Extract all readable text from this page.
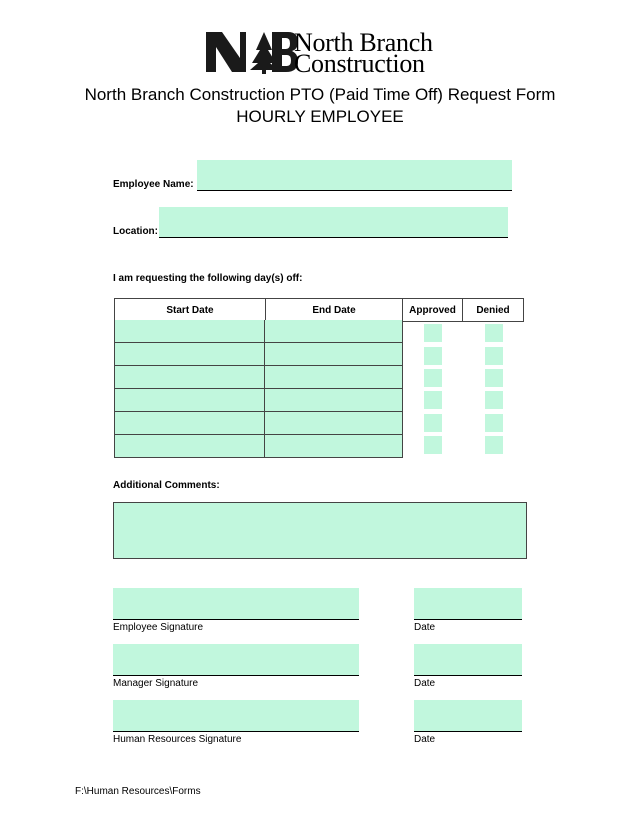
North Branch
Construction
North Branch Construction PTO (Paid Time Off) Request Form
HOURLY EMPLOYEE
Employee Name:
Location:
I am requesting the following day(s) off:
Start Date	End Date	Approved	Denied
Additional Comments:
Employee Signature	Date
Manager Signature	Date
Human Resources Signature	Date
F:\Human Resources\Forms
